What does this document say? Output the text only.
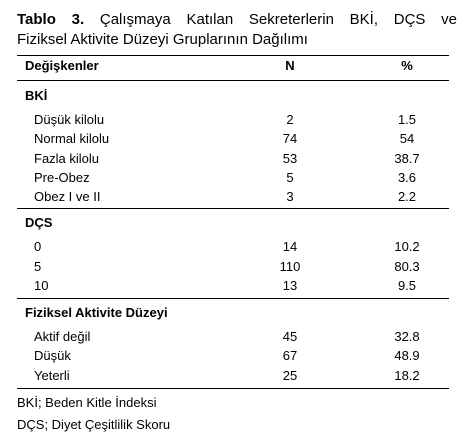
Tablo 3. Çalışmaya Katılan Sekreterlerin BKİ, DÇS ve
Fiziksel Aktivite Düzeyi Gruplarının Dağılımı
Değişkenler	N	%
BKİ
Düşük kilolu	2	1.5
Normal kilolu	74	54
Fazla kilolu	53	38.7
Pre-Obez	5	3.6
Obez I ve II	3	2.2
DÇS
0	14	10.2
5	110	80.3
10	13	9.5
Fiziksel Aktivite Düzeyi
Aktif değil	45	32.8
Düşük	67	48.9
Yeterli	25	18.2
BKİ; Beden Kitle İndeksi
DÇS; Diyet Çeşitlilik Skoru
